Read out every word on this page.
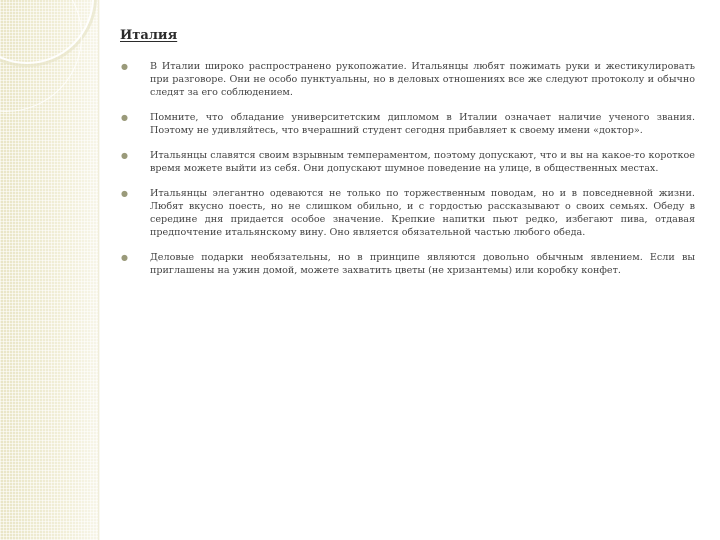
Италия
● В Италии широко распространено рукопожатие. Итальянцы любят пожимать руки и жестикулировать при разговоре. Они не особо пунктуальны, но в деловых отношениях все же следуют протоколу и обычно следят за его соблюдением.
● Помните, что обладание университетским дипломом в Италии означает наличие ученого звания. Поэтому не удивляйтесь, что вчерашний студент сегодня прибавляет к своему имени «доктор».
● Итальянцы славятся своим взрывным темпераментом, поэтому допускают, что и вы на какое-то короткое время можете выйти из себя. Они допускают шумное поведение на улице, в общественных местах.
● Итальянцы элегантно одеваются не только по торжественным поводам, но и в повседневной жизни. Любят вкусно поесть, но не слишком обильно, и с гордостью рассказывают о своих семьях. Обеду в середине дня придается особое значение. Крепкие напитки пьют редко, избегают пива, отдавая предпочтение итальянскому вину. Оно является обязательной частью любого обеда.
● Деловые подарки необязательны, но в принципе являются довольно обычным явлением. Если вы приглашены на ужин домой, можете захватить цветы (не хризантемы) или коробку конфет.
